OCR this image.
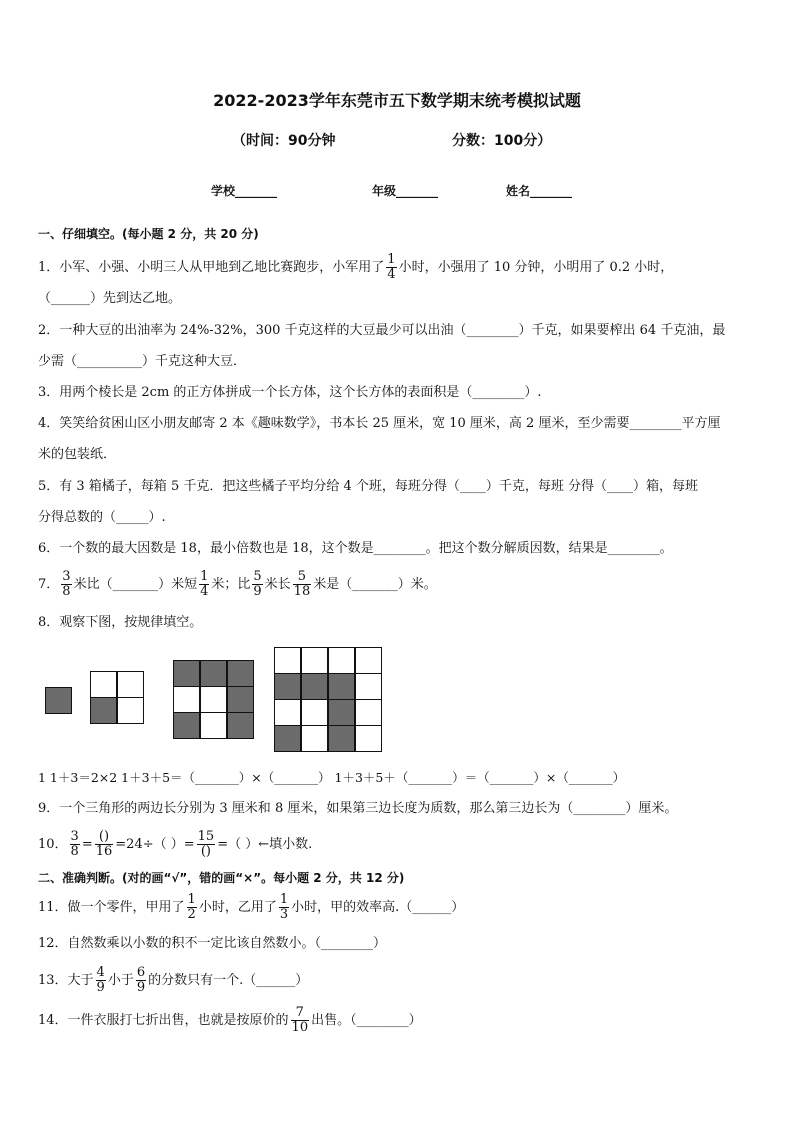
2022-2023学年东莞市五下数学期末统考模拟试题
（时间：90分钟	分数：100分）
学校_______	年级_______	姓名_______
一、仔细填空。(每小题 2 分，共 20 分)
1．小军、小强、小明三人从甲地到乙地比赛跑步，小军用了 $\frac{1}{4}$ 小时，小强用了 10 分钟，小明用了 0.2 小时，
（______）先到达乙地。
2．一种大豆的出油率为 24%-32%，300 千克这样的大豆最少可以出油（________）千克，如果要榨出 64 千克油，最
少需（__________）千克这种大豆．
3．用两个棱长是 2cm 的正方体拼成一个长方体，这个长方体的表面积是（________）.
4．笑笑给贫困山区小朋友邮寄 2 本《趣味数学》，书本长 25 厘米，宽 10 厘米，高 2 厘米，至少需要________平方厘
米的包装纸．
5．有 3 箱橘子，每箱 5 千克．把这些橘子平均分给 4 个班，每班分得（____）千克，每班 分得（____）箱，每班
分得总数的（_____）.
6．一个数的最大因数是 18，最小倍数也是 18，这个数是________。把这个数分解质因数，结果是________。
7． $\frac{3}{8}$ 米比（_______）米短 $\frac{1}{4}$ 米；比 $\frac{5}{9}$ 米长 $\frac{5}{18}$ 米是（_______）米。
8．观察下图，按规律填空。
1 1＋3＝2×2 1＋3＋5＝（_______）×（_______） 1＋3＋5＋（_______）＝（_______）×（_______）
9．一个三角形的两边长分别为 3 厘米和 8 厘米，如果第三边长度为质数，那么第三边长为（________）厘米。
10． $\frac{3}{8} = \frac{()}{16} =24\div$（ ）= $\frac{15}{()}$ =（ ）←填小数.
二、准确判断。(对的画“√”，错的画“×”。每小题 2 分，共 12 分)
11．做一个零件，甲用了 $\frac{1}{2}$ 小时，乙用了 $\frac{1}{3}$ 小时，甲的效率高.（______）
12．自然数乘以小数的积不一定比该自然数小。（________）
13．大于 $\frac{4}{9}$ 小于 $\frac{6}{9}$ 的分数只有一个.（______）
14．一件衣服打七折出售，也就是按原价的 $\frac{7}{10}$ 出售。（________）
